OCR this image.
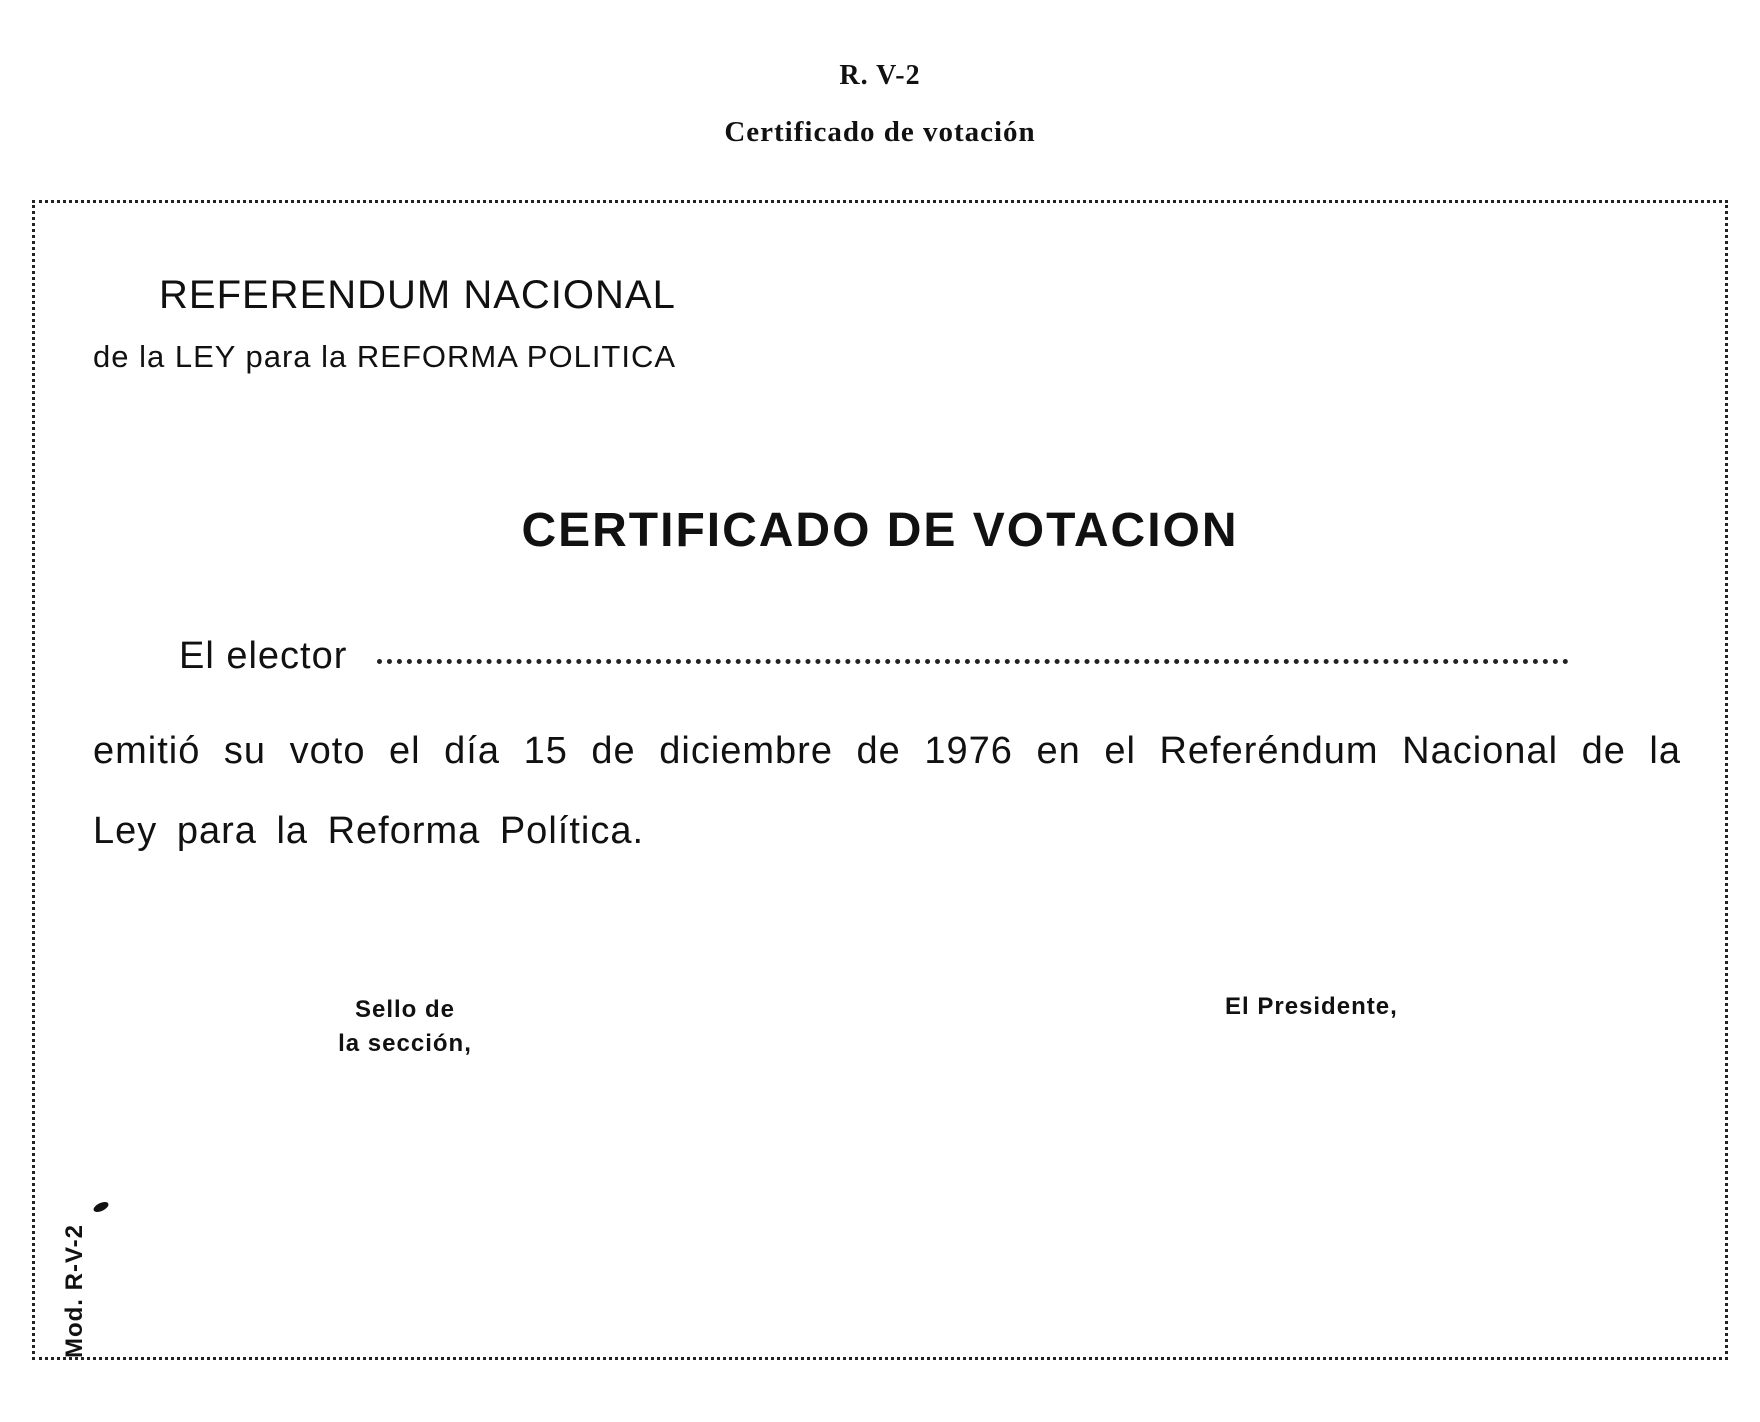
R. V-2
Certificado de votación
REFERENDUM NACIONAL
de la LEY para la REFORMA POLITICA
CERTIFICADO DE VOTACION
El elector
emitió su voto el día 15 de diciembre de 1976 en el Referéndum Nacional de la Ley para la Reforma Política.
Sello de
la sección,
El Presidente,
Mod. R-V-2
